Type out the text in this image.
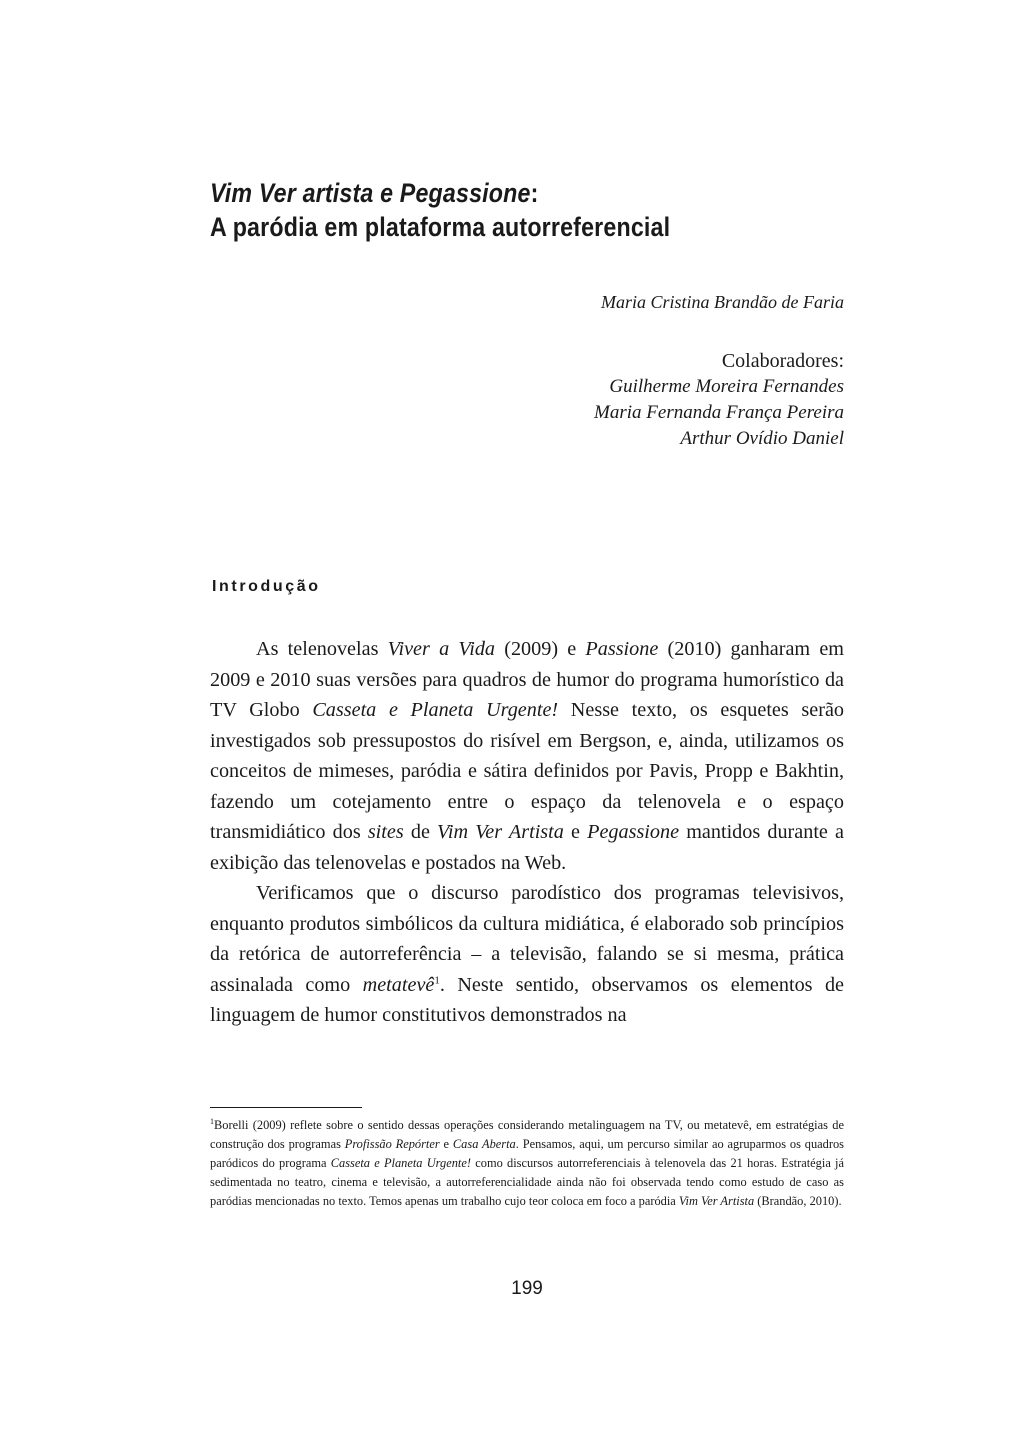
Vim Ver artista e Pegassione:
A paródia em plataforma autorreferencial
Maria Cristina Brandão de Faria
Colaboradores:
Guilherme Moreira Fernandes
Maria Fernanda França Pereira
Arthur Ovídio Daniel
Introdução

As telenovelas Viver a Vida (2009) e Passione (2010) ganharam em 2009 e 2010 suas versões para quadros de humor do programa humorístico da TV Globo Casseta e Planeta Urgente! Nesse texto, os esquetes serão investigados sob pressupostos do risível em Bergson, e, ainda, utilizamos os conceitos de mimeses, paródia e sátira definidos por Pavis, Propp e Bakhtin, fazendo um cotejamento entre o espaço da telenovela e o espaço transmidiático dos sites de Vim Ver Artista e Pegassione mantidos durante a exibição das telenovelas e postados na Web.

Verificamos que o discurso parodístico dos programas televisivos, enquanto produtos simbólicos da cultura midiática, é elaborado sob princípios da retórica de autorreferência – a televisão, falando se si mesma, prática assinalada como metatevê$^1$. Neste sentido, observamos os elementos de linguagem de humor constitutivos demonstrados na

$^1$Borelli (2009) reflete sobre o sentido dessas operações considerando metalinguagem na TV, ou metatevê, em estratégias de construção dos programas Profissão Repórter e Casa Aberta. Pensamos, aqui, um percurso similar ao agruparmos os quadros paródicos do programa Casseta e Planeta Urgente! como discursos autorreferenciais à telenovela das 21 horas. Estratégia já sedimentada no teatro, cinema e televisão, a autorreferencialidade ainda não foi observada tendo como estudo de caso as paródias mencionadas no texto. Temos apenas um trabalho cujo teor coloca em foco a paródia Vim Ver Artista (Brandão, 2010).
199
